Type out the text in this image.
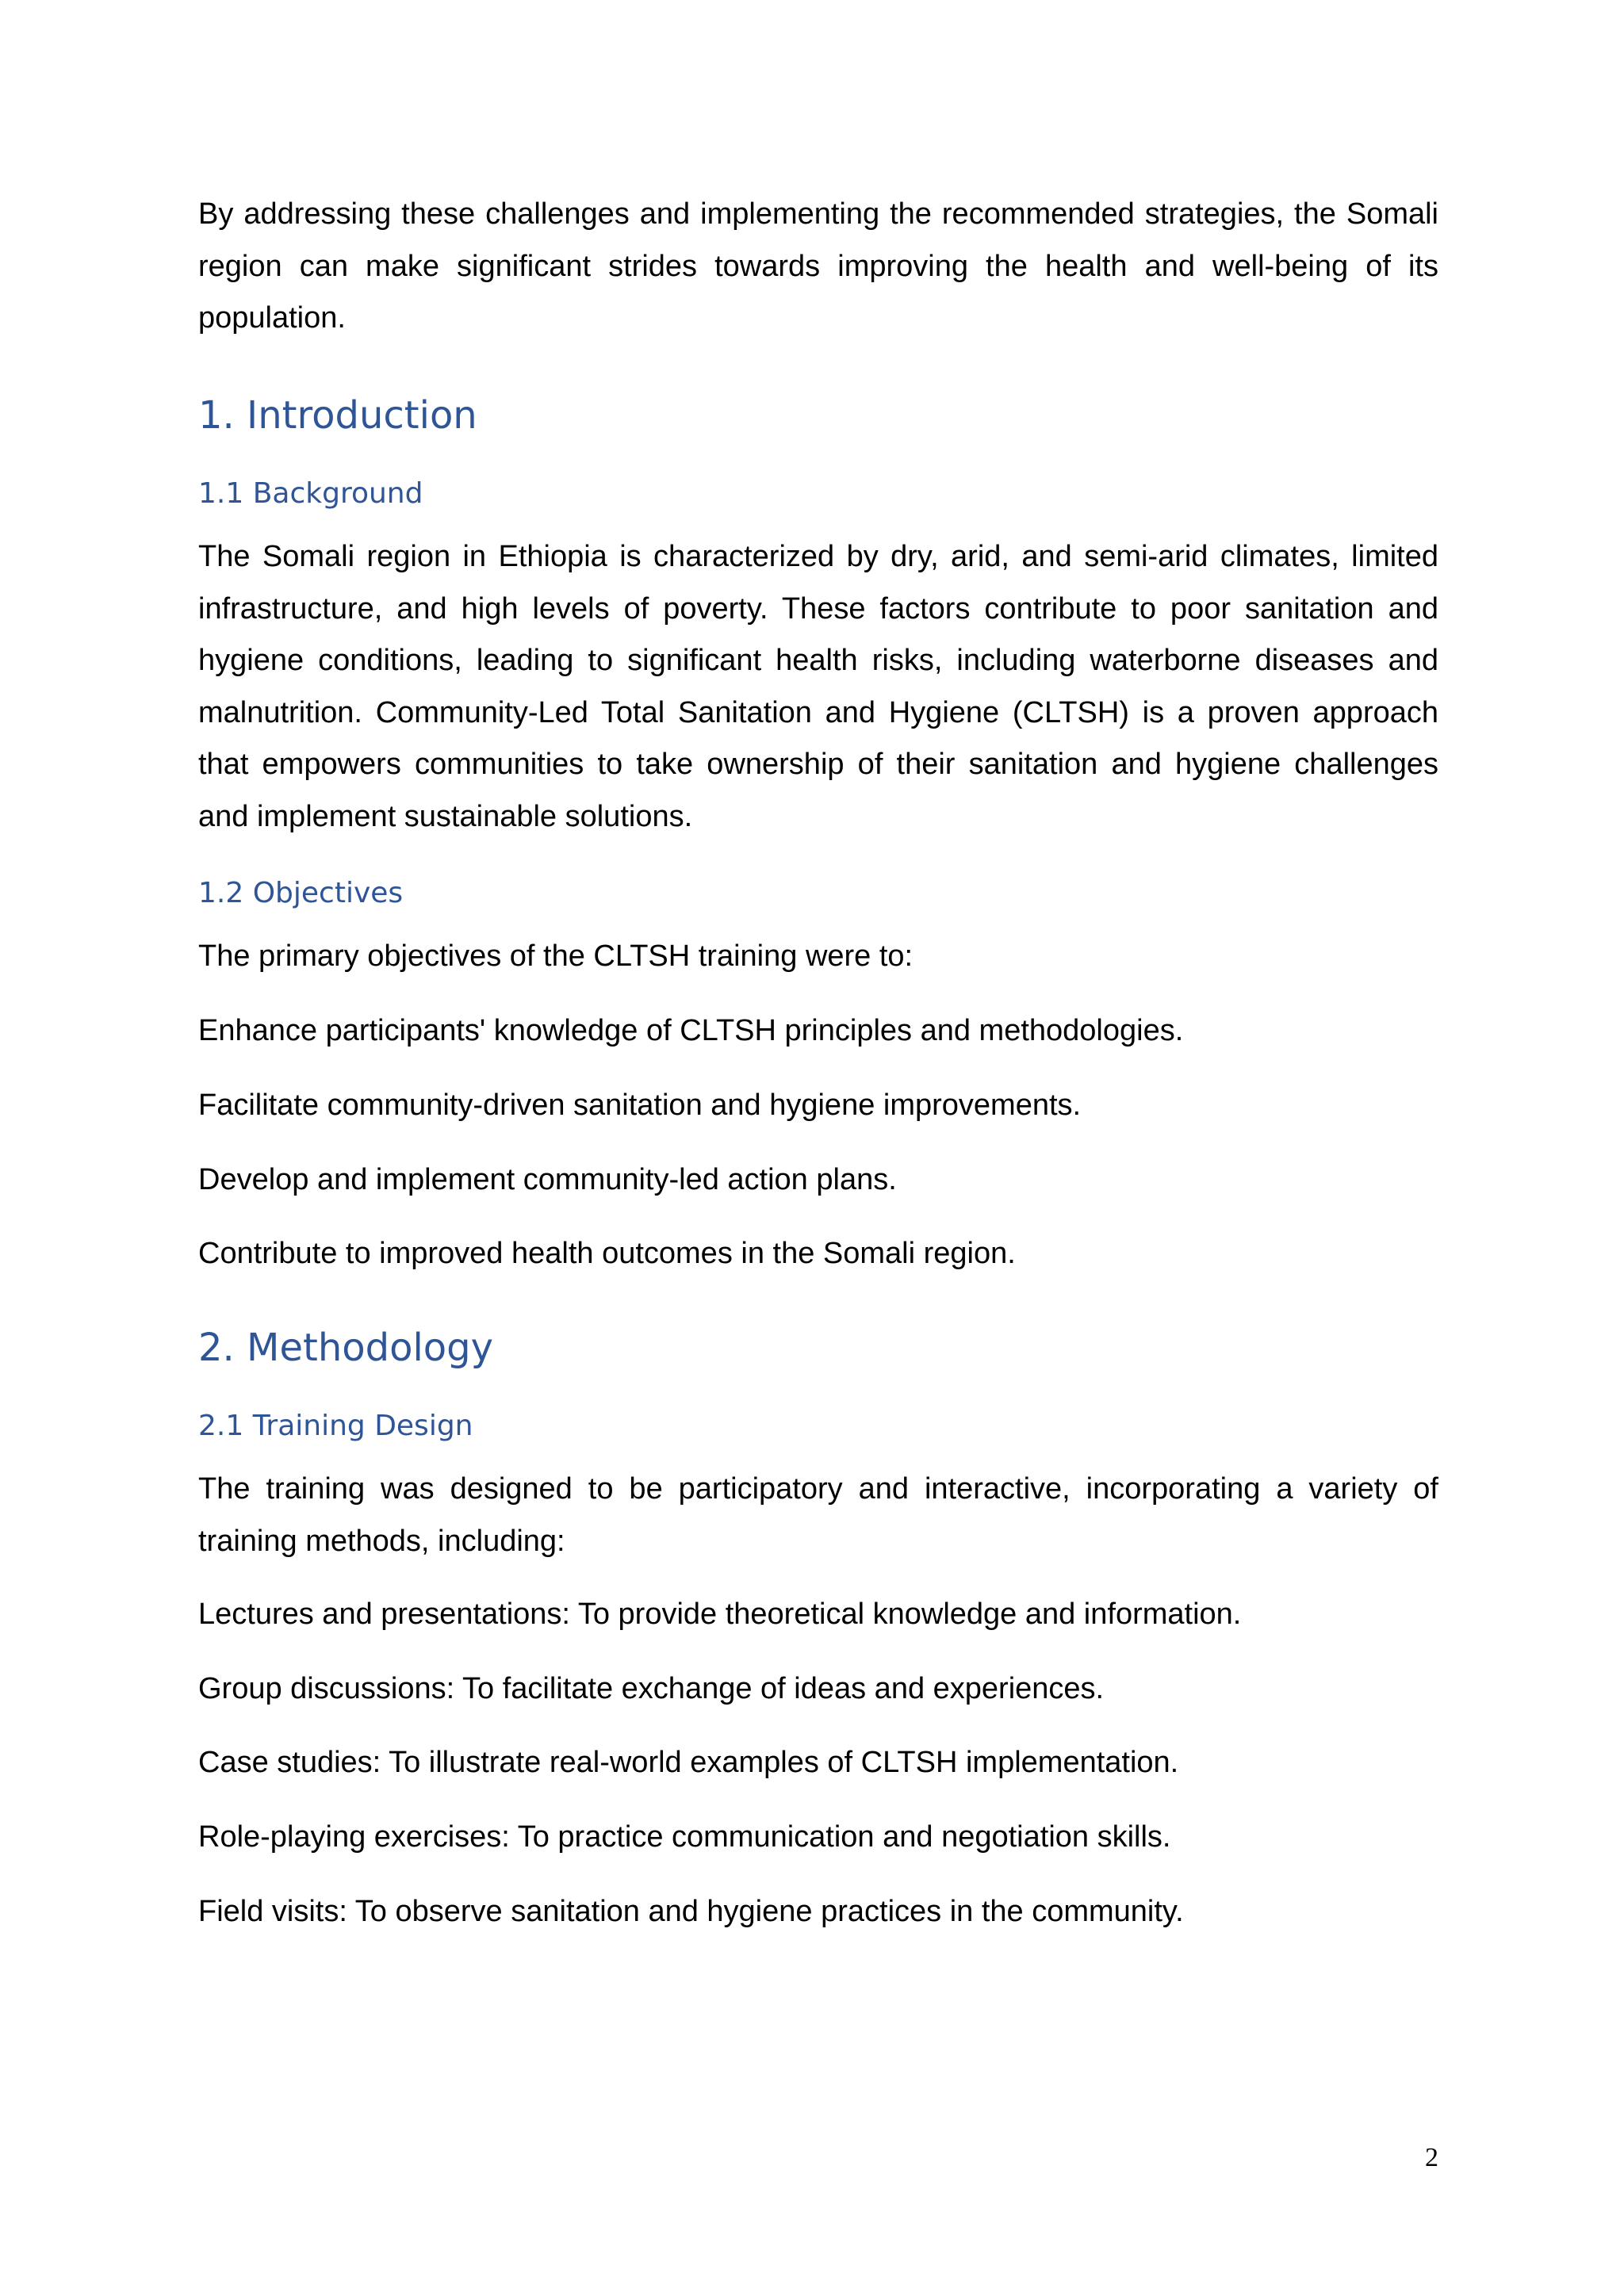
By addressing these challenges and implementing the recommended strategies, the Somali region can make significant strides towards improving the health and well-being of its population.

1. Introduction
1.1 Background

The Somali region in Ethiopia is characterized by dry, arid, and semi-arid climates, limited infrastructure, and high levels of poverty. These factors contribute to poor sanitation and hygiene conditions, leading to significant health risks, including waterborne diseases and malnutrition. Community-Led Total Sanitation and Hygiene (CLTSH) is a proven approach that empowers communities to take ownership of their sanitation and hygiene challenges and implement sustainable solutions.

1.2 Objectives

The primary objectives of the CLTSH training were to:

Enhance participants' knowledge of CLTSH principles and methodologies.

Facilitate community-driven sanitation and hygiene improvements.

Develop and implement community-led action plans.

Contribute to improved health outcomes in the Somali region.

2. Methodology
2.1 Training Design

The training was designed to be participatory and interactive, incorporating a variety of training methods, including:

Lectures and presentations: To provide theoretical knowledge and information.

Group discussions: To facilitate exchange of ideas and experiences.

Case studies: To illustrate real-world examples of CLTSH implementation.

Role-playing exercises: To practice communication and negotiation skills.

Field visits: To observe sanitation and hygiene practices in the community.

2
